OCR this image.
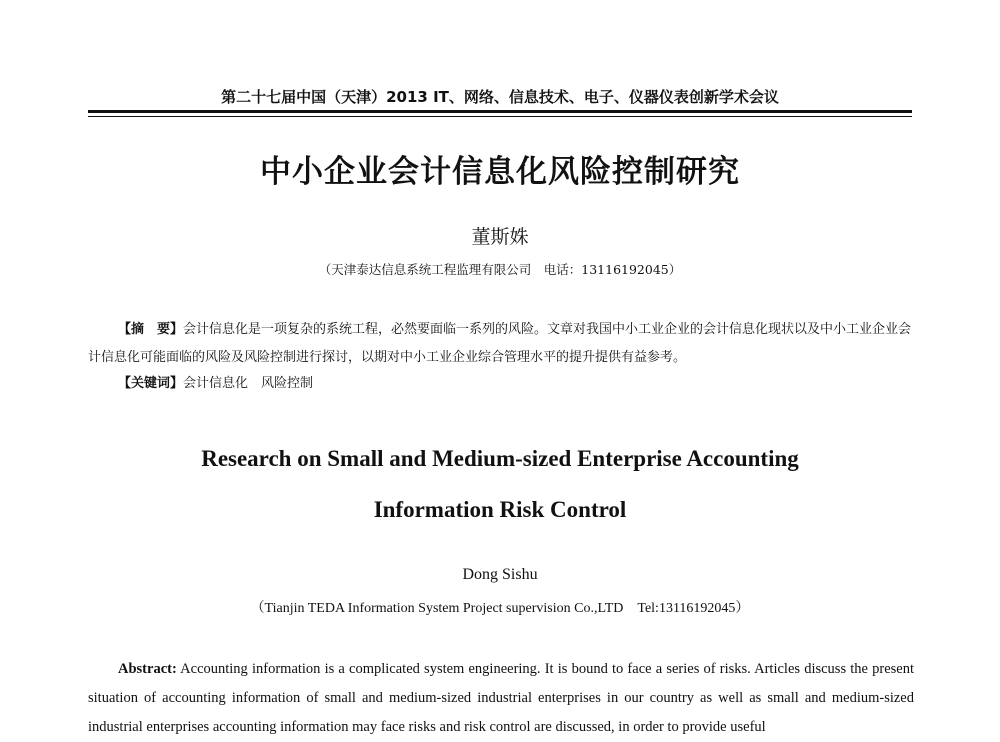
第二十七届中国（天津）2013 IT、网络、信息技术、电子、仪器仪表创新学术会议
中小企业会计信息化风险控制研究
董斯姝
（天津泰达信息系统工程监理有限公司　电话：13116192045）
【摘　要】会计信息化是一项复杂的系统工程，必然要面临一系列的风险。文章对我国中小工业企业的会计信息化现状以及中小工业企业会计信息化可能面临的风险及风险控制进行探讨，以期对中小工业企业综合管理水平的提升提供有益参考。
【关键词】会计信息化　风险控制
Research on Small and Medium-sized Enterprise Accounting
Information Risk Control
Dong Sishu
（Tianjin TEDA Information System Project supervision Co.,LTD　Tel:13116192045）
Abstract: Accounting information is a complicated system engineering. It is bound to face a series of risks. Articles discuss the present situation of accounting information of small and medium-sized industrial enterprises in our country as well as small and medium-sized industrial enterprises accounting information may face risks and risk control are discussed, in order to provide useful
